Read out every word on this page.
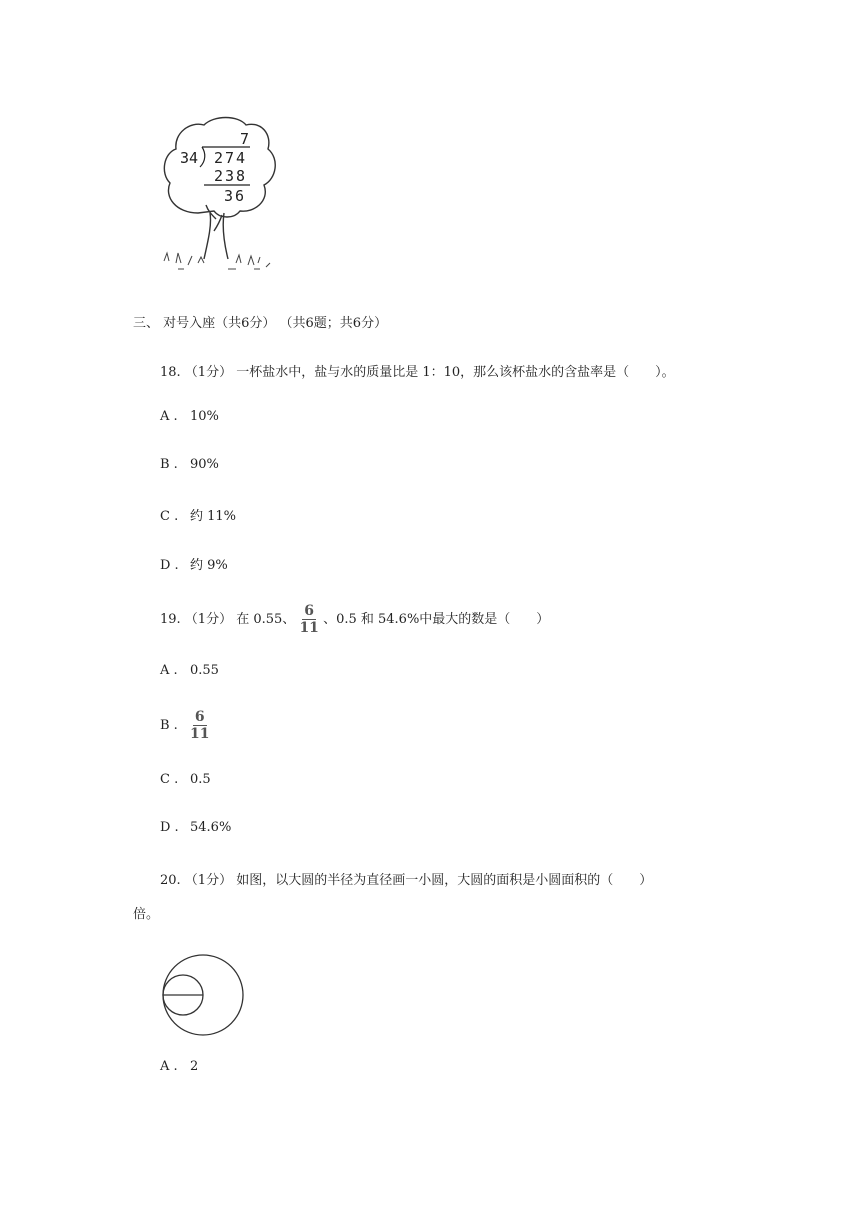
7
34 274
238
36
三、 对号入座（共6分） （共6题；共6分）
18. （1分） 一杯盐水中，盐与水的质量比是 1：10，那么该杯盐水的含盐率是（　　）。
A . 10%
B . 90%
C . 约 11%
D . 约 9%
19. （1分） 在 0.55、 $\frac{6}{11}$ 、0.5 和 54.6%中最大的数是（　　）
A . 0.55
B . $\frac{6}{11}$
C . 0.5
D . 54.6%
20. （1分） 如图，以大圆的半径为直径画一小圆，大圆的面积是小圆面积的（　　）
倍。
A . 2
